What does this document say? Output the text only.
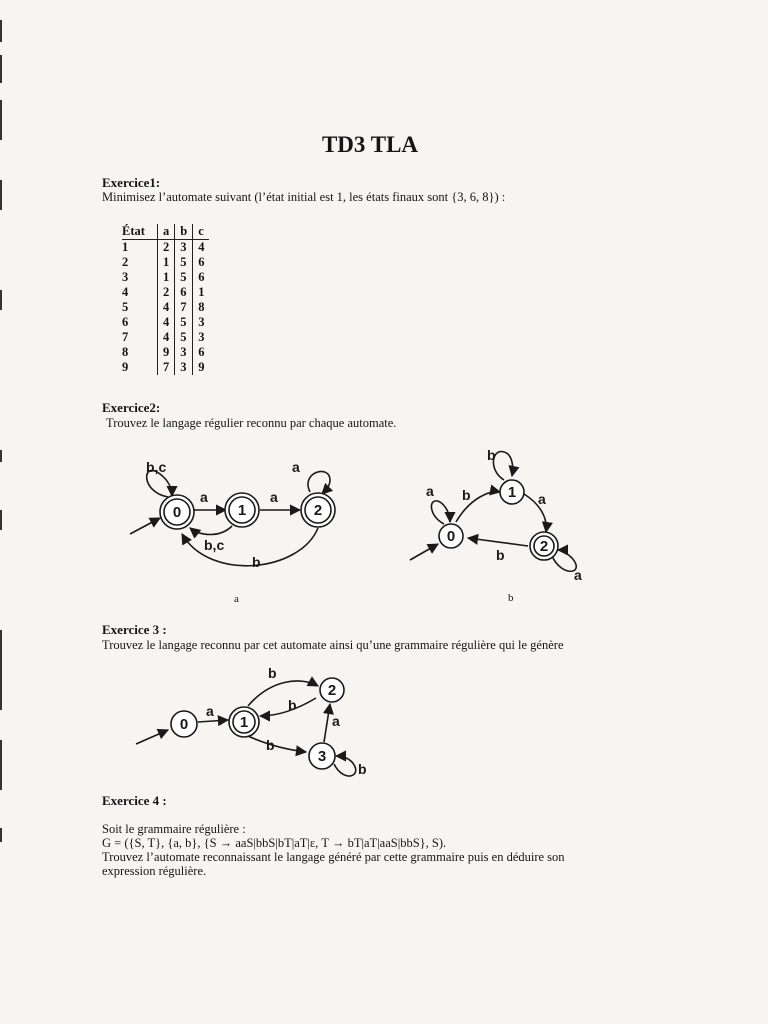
TD3 TLA
Exercice1:
Minimisez l’automate suivant (l’état initial est 1, les états finaux sont {3, 6, 8}) :
État	a	b	c
1	2	3	4
2	1	5	6
3	1	5	6
4	2	6	1
5	4	7	8
6	4	5	3
7	4	5	3
8	9	3	6
9	7	3	9
Exercice2:
Trouvez le langage régulier reconnu par chaque automate.
0	1	2
b,c
a	a
a
b,c
b
a
0
1
2
b
a b	a
b
a
b
Exercice 3 :
Trouvez le langage reconnu par cet automate ainsi qu’une grammaire régulière qui le génère
0	1
2
3
a
b
b
b
a
b
Exercice 4 :
Soit le grammaire régulière :
G = ({S, T}, {a, b}, {S → aaS|bbS|bT|aT|ε, T → bT|aT|aaS|bbS}, S).
Trouvez l’automate reconnaissant le langage généré par cette grammaire puis en déduire son
expression régulière.
